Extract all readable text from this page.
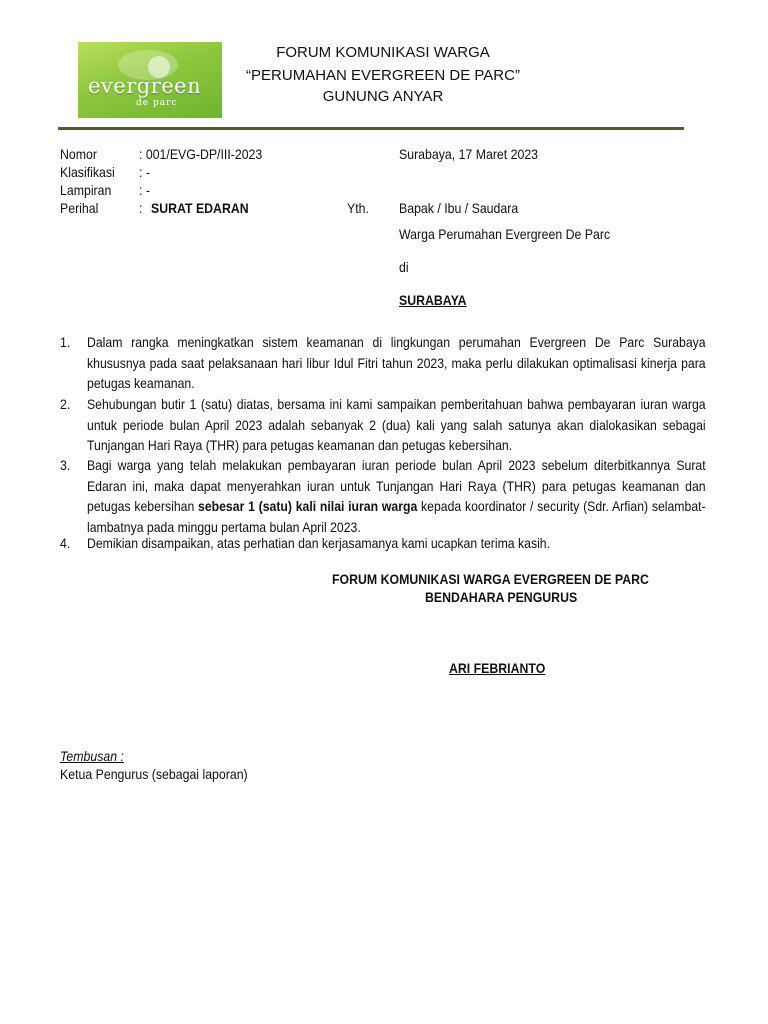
evergreen
de parc
FORUM KOMUNIKASI WARGA
“PERUMAHAN EVERGREEN DE PARC”
GUNUNG ANYAR
Nomor	: 001/EVG-DP/III-2023
Klasifikasi : -
Lampiran : -
Perihal	: SURAT EDARAN
Surabaya, 17 Maret 2023
Yth. Bapak / Ibu / Saudara
Warga Perumahan Evergreen De Parc
di
SURABAYA
1. Dalam rangka meningkatkan sistem keamanan di lingkungan perumahan Evergreen De Parc Surabaya khususnya pada saat pelaksanaan hari libur Idul Fitri tahun 2023, maka perlu dilakukan optimalisasi kinerja para petugas keamanan.
2. Sehubungan butir 1 (satu) diatas, bersama ini kami sampaikan pemberitahuan bahwa pembayaran iuran warga untuk periode bulan April 2023 adalah sebanyak 2 (dua) kali yang salah satunya akan dialokasikan sebagai Tunjangan Hari Raya (THR) para petugas keamanan dan petugas kebersihan.
3. Bagi warga yang telah melakukan pembayaran iuran periode bulan April 2023 sebelum diterbitkannya Surat Edaran ini, maka dapat menyerahkan iuran untuk Tunjangan Hari Raya (THR) para petugas keamanan dan petugas kebersihan sebesar 1 (satu) kali nilai iuran warga kepada koordinator / security (Sdr. Arfian) selambat-lambatnya pada minggu pertama bulan April 2023.
4. Demikian disampaikan, atas perhatian dan kerjasamanya kami ucapkan terima kasih.
FORUM KOMUNIKASI WARGA EVERGREEN DE PARC
BENDAHARA PENGURUS
ARI FEBRIANTO
Tembusan :
Ketua Pengurus (sebagai laporan)
